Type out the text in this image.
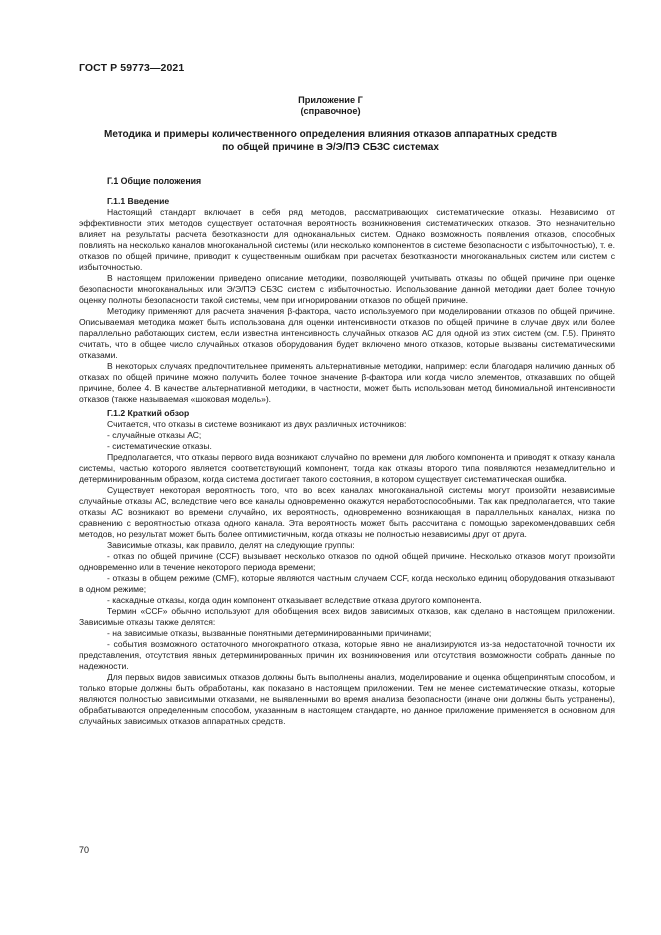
ГОСТ Р 59773—2021
Приложение Г
(справочное)
Методика и примеры количественного определения влияния отказов аппаратных средств
по общей причине в Э/Э/ПЭ СБЗС системах
Г.1 Общие положения
Г.1.1 Введение

Настоящий стандарт включает в себя ряд методов, рассматривающих систематические отказы. Независимо от эффективности этих методов существует остаточная вероятность возникновения систематических отказов. Это незначительно влияет на результаты расчета безотказности для одноканальных систем. Однако возможность появления отказов, способных повлиять на несколько каналов многоканальной системы (или несколько компонентов в системе безопасности с избыточностью), т. е. отказов по общей причине, приводит к существенным ошибкам при расчетах безотказности многоканальных систем или систем с избыточностью.

В настоящем приложении приведено описание методики, позволяющей учитывать отказы по общей причине при оценке безопасности многоканальных или Э/Э/ПЭ СБЗС систем с избыточностью. Использование данной методики дает более точную оценку полноты безопасности такой системы, чем при игнорировании отказов по общей причине.

Методику применяют для расчета значения β-фактора, часто используемого при моделировании отказов по общей причине. Описываемая методика может быть использована для оценки интенсивности отказов по общей причине в случае двух или более параллельно работающих систем, если известна интенсивность случайных отказов АС для одной из этих систем (см. Г.5). Принято считать, что в общее число случайных отказов оборудования будет включено много отказов, которые вызваны систематическими отказами.

В некоторых случаях предпочтительнее применять альтернативные методики, например: если благодаря наличию данных об отказах по общей причине можно получить более точное значение β-фактора или когда число элементов, отказавших по общей причине, более 4. В качестве альтернативной методики, в частности, может быть использован метод биномиальной интенсивности отказов (также называемая «шоковая модель»).

Г.1.2 Краткий обзор

Считается, что отказы в системе возникают из двух различных источников:

- случайные отказы АС;

- систематические отказы.

Предполагается, что отказы первого вида возникают случайно по времени для любого компонента и приводят к отказу канала системы, частью которого является соответствующий компонент, тогда как отказы второго типа появляются незамедлительно и детерминированным образом, когда система достигает такого состояния, в котором существует систематическая ошибка.

Существует некоторая вероятность того, что во всех каналах многоканальной системы могут произойти независимые случайные отказы АС, вследствие чего все каналы одновременно окажутся неработоспособными. Так как предполагается, что такие отказы АС возникают во времени случайно, их вероятность, одновременно возникающая в параллельных каналах, низка по сравнению с вероятностью отказа одного канала. Эта вероятность может быть рассчитана с помощью зарекомендовавших себя методов, но результат может быть более оптимистичным, когда отказы не полностью независимы друг от друга.

Зависимые отказы, как правило, делят на следующие группы:

- отказ по общей причине (CCF) вызывает несколько отказов по одной общей причине. Несколько отказов могут произойти одновременно или в течение некоторого периода времени;

- отказы в общем режиме (CMF), которые являются частным случаем CCF, когда несколько единиц оборудования отказывают в одном режиме;

- каскадные отказы, когда один компонент отказывает вследствие отказа другого компонента.

Термин «CCF» обычно используют для обобщения всех видов зависимых отказов, как сделано в настоящем приложении. Зависимые отказы также делятся:

- на зависимые отказы, вызванные понятными детерминированными причинами;

- события возможного остаточного многократного отказа, которые явно не анализируются из-за недостаточной точности их представления, отсутствия явных детерминированных причин их возникновения или отсутствия возможности собрать данные по надежности.

Для первых видов зависимых отказов должны быть выполнены анализ, моделирование и оценка общепринятым способом, и только вторые должны быть обработаны, как показано в настоящем приложении. Тем не менее систематические отказы, которые являются полностью зависимыми отказами, не выявленными во время анализа безопасности (иначе они должны быть устранены), обрабатываются определенным способом, указанным в настоящем стандарте, но данное приложение применяется в основном для случайных зависимых отказов аппаратных средств.

70
